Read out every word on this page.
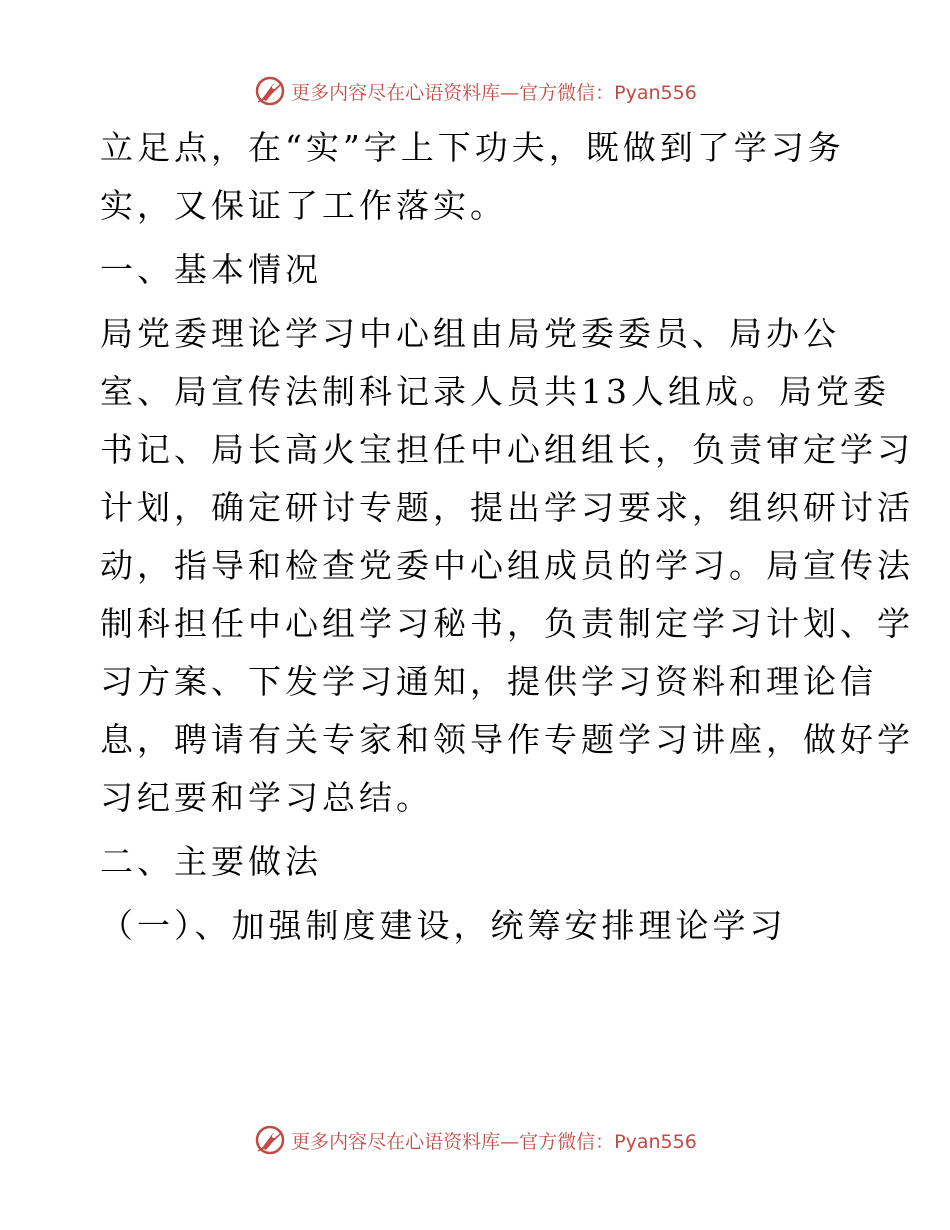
更多内容尽在心语资料库—官方微信：Pyan556
立足点，在“实”字上下功夫，既做到了学习务
实，又保证了工作落实。
一、基本情况
局党委理论学习中心组由局党委委员、局办公
室、局宣传法制科记录人员共13人组成。局党委
书记、局长高火宝担任中心组组长，负责审定学习
计划，确定研讨专题，提出学习要求，组织研讨活
动，指导和检查党委中心组成员的学习。局宣传法
制科担任中心组学习秘书，负责制定学习计划、学
习方案、下发学习通知，提供学习资料和理论信
息，聘请有关专家和领导作专题学习讲座，做好学
习纪要和学习总结。
二、主要做法
（一）、加强制度建设，统筹安排理论学习
更多内容尽在心语资料库—官方微信：Pyan556
